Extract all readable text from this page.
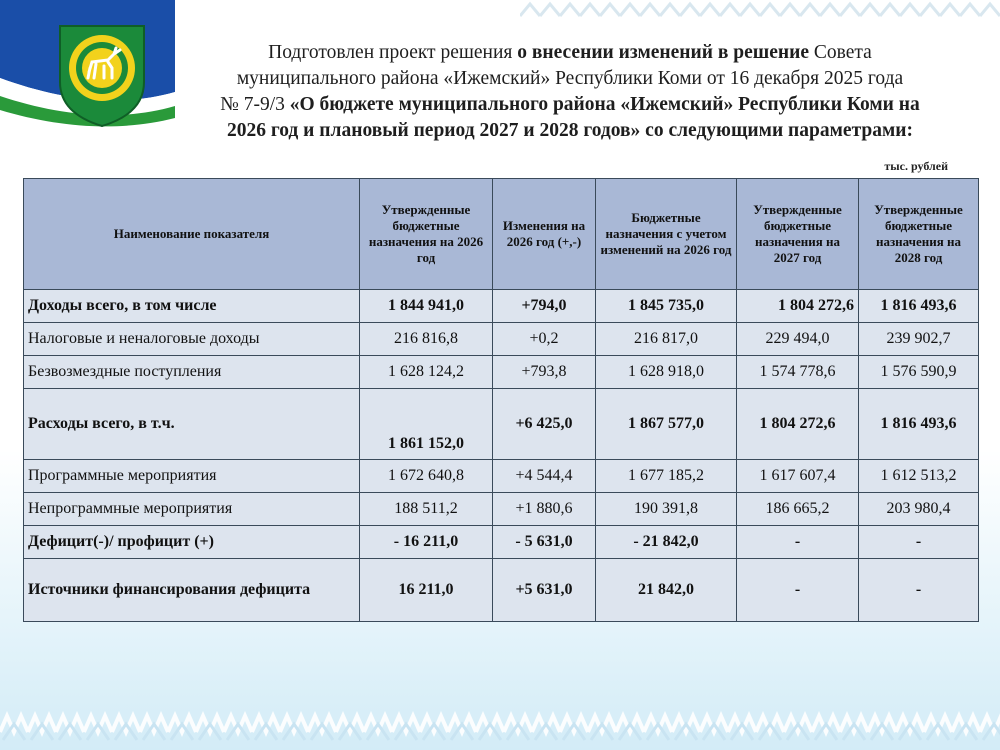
Подготовлен проект решения о внесении изменений в решение Совета
муниципального района «Ижемский» Республики Коми от 16 декабря 2025 года
№ 7-9/3 «О бюджете муниципального района «Ижемский» Республики Коми на
2026 год и плановый период 2027 и 2028 годов» со следующими параметрами:
тыс. рублей
Наименование показателя	Утвержденные бюджетные назначения на 2026 год	Изменения на 2026 год (+,-)	Бюджетные назначения с учетом изменений на 2026 год	Утвержденные бюджетные назначения на 2027 год	Утвержденные бюджетные назначения на 2028 год
Доходы всего, в том числе	1 844 941,0	+794,0	1 845 735,0	1 804 272,6	1 816 493,6
Налоговые и неналоговые доходы	216 816,8	+0,2	216 817,0	229 494,0	239 902,7
Безвозмездные поступления	1 628 124,2	+793,8	1 628 918,0	1 574 778,6	1 576 590,9
Расходы всего, в т.ч.	1 861 152,0	+6 425,0	1 867 577,0	1 804 272,6	1 816 493,6
Программные мероприятия	1 672 640,8	+4 544,4	1 677 185,2	1 617 607,4	1 612 513,2
Непрограммные мероприятия	188 511,2	+1 880,6	190 391,8	186 665,2	203 980,4
Дефицит(-)/ профицит (+)	- 16 211,0	- 5 631,0	- 21 842,0	-	-
Источники финансирования дефицита	16 211,0	+5 631,0	21 842,0	-	-
